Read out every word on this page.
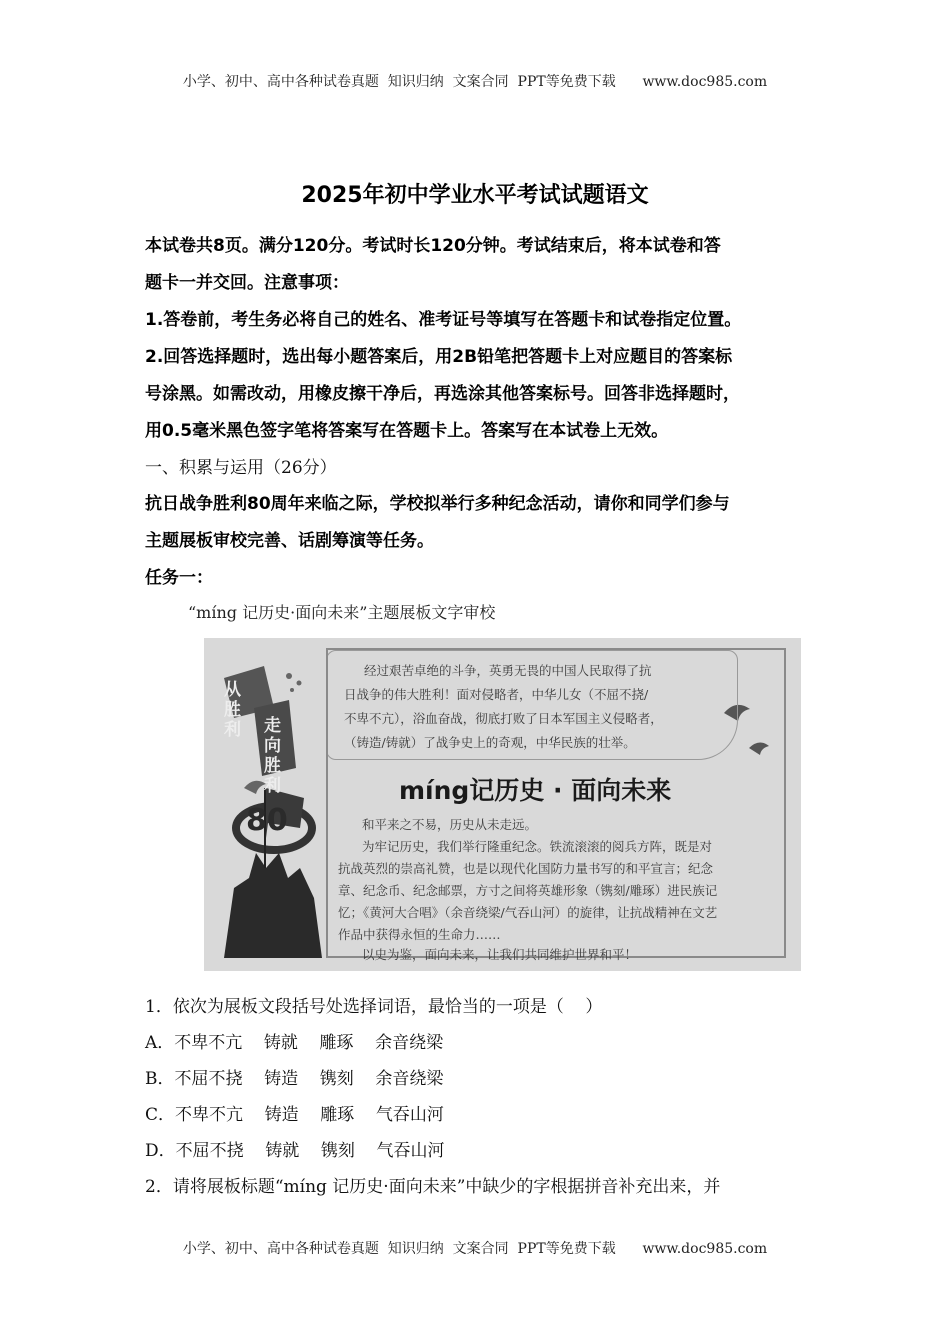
小学、初中、高中各种试卷真题  知识归纳  文案合同  PPT等免费下载      www.doc985.com
2025年初中学业水平考试试题语文
本试卷共8页。满分120分。考试时长120分钟。考试结束后，将本试卷和答
题卡一并交回。注意事项：
1.答卷前，考生务必将自己的姓名、准考证号等填写在答题卡和试卷指定位置。
2.回答选择题时，选出每小题答案后，用2B铅笔把答题卡上对应题目的答案标
号涂黑。如需改动，用橡皮擦干净后，再选涂其他答案标号。回答非选择题时，
用0.5毫米黑色签字笔将答案写在答题卡上。答案写在本试卷上无效。
一、积累与运用（26分）
抗日战争胜利80周年来临之际，学校拟举行多种纪念活动，请你和同学们参与
主题展板审校完善、话剧筹演等任务。
任务一：
“míng 记历史·面向未来”主题展板文字审校
从胜利 走向胜利
80
经过艰苦卓绝的斗争，英勇无畏的中国人民取得了抗
日战争的伟大胜利！面对侵略者，中华儿女（不屈不挠/
不卑不亢），浴血奋战，彻底打败了日本军国主义侵略者，
（铸造/铸就）了战争史上的奇观，中华民族的壮举。
míng记历史 · 面向未来
和平来之不易，历史从未走远。
为牢记历史，我们举行隆重纪念。铁流滚滚的阅兵方阵，既是对
抗战英烈的崇高礼赞，也是以现代化国防力量书写的和平宣言；纪念
章、纪念币、纪念邮票，方寸之间将英雄形象（镌刻/雕琢）进民族记
忆；《黄河大合唱》（余音绕梁/气吞山河）的旋律，让抗战精神在文艺
作品中获得永恒的生命力……
以史为鉴，面向未来，让我们共同维护世界和平！
1．依次为展板文段括号处选择词语，最恰当的一项是（    ）
A．不卑不亢    铸就    雕琢    余音绕梁
B．不屈不挠    铸造    镌刻    余音绕梁
C．不卑不亢    铸造    雕琢    气吞山河
D．不屈不挠    铸就    镌刻    气吞山河
2．请将展板标题“míng 记历史·面向未来”中缺少的字根据拼音补充出来，并
小学、初中、高中各种试卷真题  知识归纳  文案合同  PPT等免费下载      www.doc985.com
